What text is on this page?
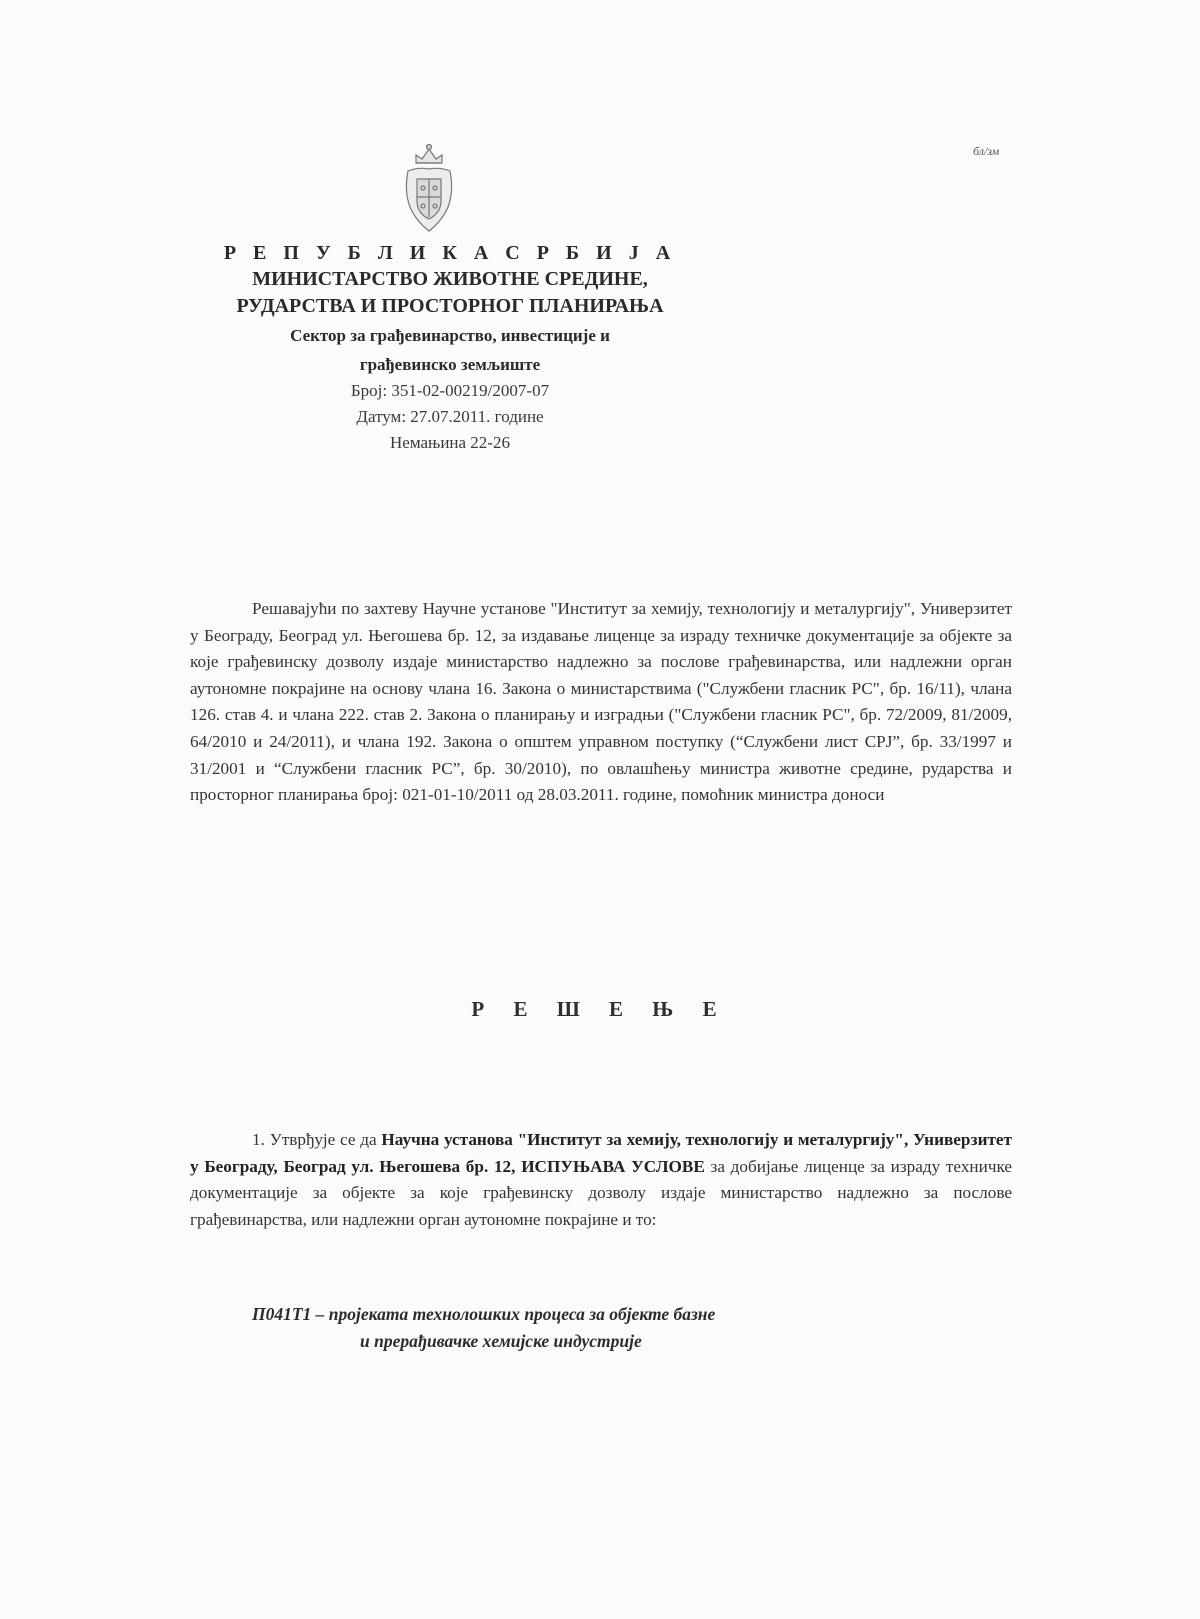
бл/зм
Р Е П У Б Л И К А С Р Б И Ј А
МИНИСТАРСТВО ЖИВОТНЕ СРЕДИНЕ,
РУДАРСТВА И ПРОСТОРНОГ ПЛАНИРАЊА
Сектор за грађевинарство, инвестиције и
грађевинско земљиште
Број: 351-02-00219/2007-07
Датум: 27.07.2011. године
Немањина 22-26
Решавајући по захтеву Научне установе "Институт за хемију, технологију и металургију", Универзитет у Београду, Београд ул. Његошева бр. 12, за издавање лиценце за израду техничке документације за објекте за које грађевинску дозволу издаје министарство надлежно за послове грађевинарства, или надлежни орган аутономне покрајине на основу члана 16. Закона о министарствима ("Службени гласник РС", бр. 16/11), члана 126. став 4. и члана 222. став 2. Закона о планирању и изградњи ("Службени гласник РС", бр. 72/2009, 81/2009, 64/2010 и 24/2011), и члана 192. Закона о општем управном поступку (“Службени лист СРЈ”, бр. 33/1997 и 31/2001 и “Службени гласник РС”, бр. 30/2010), по овлашћењу министра животне средине, рударства и просторног планирања број: 021-01-10/2011 од 28.03.2011. године, помоћник министра доноси
Р Е Ш Е Њ Е
1. Утврђује се да Научна установа "Институт за хемију, технологију и металургију", Универзитет у Београду, Београд ул. Његошева бр. 12, ИСПУЊАВА УСЛОВЕ за добијање лиценце за израду техничке документације за објекте за које грађевинску дозволу издаје министарство надлежно за послове грађевинарства, или надлежни орган аутономне покрајине и то:
П041Т1 – пројеката технолошких процеса за објекте базне
и прерађивачке хемијске индустрије
